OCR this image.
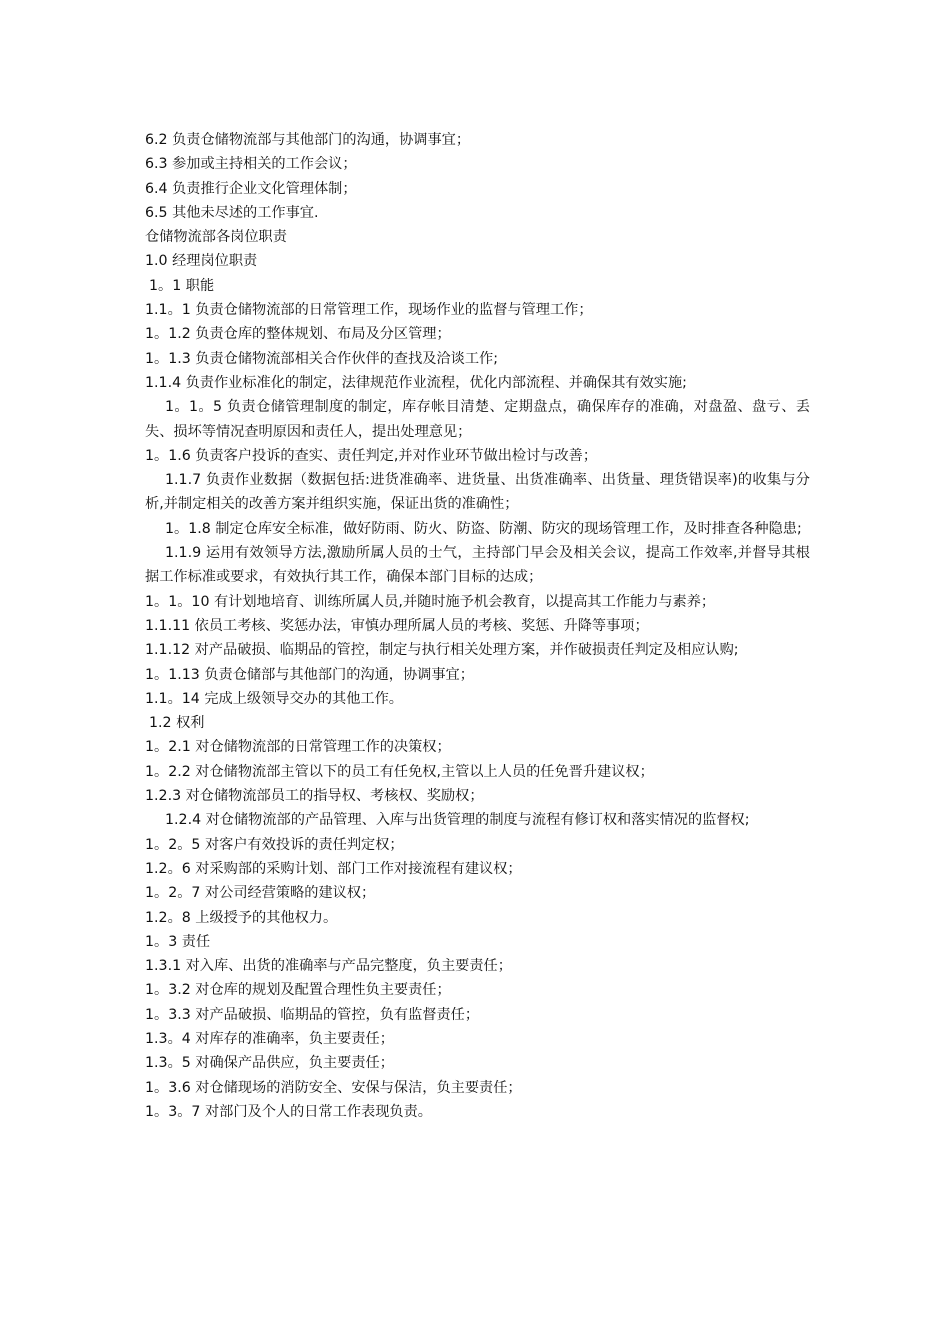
6.2 负责仓储物流部与其他部门的沟通，协调事宜；

6.3 参加或主持相关的工作会议；

6.4 负责推行企业文化管理体制；

6.5 其他未尽述的工作事宜.

仓储物流部各岗位职责

1.0 经理岗位职责

1。1 职能

1.1。1 负责仓储物流部的日常管理工作，现场作业的监督与管理工作；

1。1.2 负责仓库的整体规划、布局及分区管理；

1。1.3 负责仓储物流部相关合作伙伴的查找及洽谈工作;

1.1.4 负责作业标准化的制定，法律规范作业流程，优化内部流程、并确保其有效实施;

1。1。5 负责仓储管理制度的制定，库存帐目清楚、定期盘点，确保库存的准确，对盘盈、盘亏、丢失、损坏等情况查明原因和责任人，提出处理意见；

1。1.6 负责客户投诉的查实、责任判定,并对作业环节做出检讨与改善；

1.1.7 负责作业数据（数据包括:进货准确率、进货量、出货准确率、出货量、理货错误率)的收集与分析,并制定相关的改善方案并组织实施，保证出货的准确性；

1。1.8 制定仓库安全标准，做好防雨、防火、防盗、防潮、防灾的现场管理工作，及时排查各种隐患;

1.1.9 运用有效领导方法,激励所属人员的士气，主持部门早会及相关会议，提高工作效率,并督导其根据工作标准或要求，有效执行其工作，确保本部门目标的达成；

1。1。10 有计划地培育、训练所属人员,并随时施予机会教育，以提高其工作能力与素养；

1.1.11 依员工考核、奖惩办法，审慎办理所属人员的考核、奖惩、升降等事项；

1.1.12 对产品破损、临期品的管控，制定与执行相关处理方案，并作破损责任判定及相应认购;

1。1.13 负责仓储部与其他部门的沟通，协调事宜；

1.1。14 完成上级领导交办的其他工作。

1.2 权利

1。2.1 对仓储物流部的日常管理工作的决策权；

1。2.2 对仓储物流部主管以下的员工有任免权,主管以上人员的任免晋升建议权；

1.2.3 对仓储物流部员工的指导权、考核权、奖励权；

1.2.4 对仓储物流部的产品管理、入库与出货管理的制度与流程有修订权和落实情况的监督权;

1。2。5 对客户有效投诉的责任判定权；

1.2。6 对采购部的采购计划、部门工作对接流程有建议权；

1。2。7 对公司经营策略的建议权；

1.2。8 上级授予的其他权力。

1。3 责任

1.3.1 对入库、出货的准确率与产品完整度，负主要责任；

1。3.2 对仓库的规划及配置合理性负主要责任；

1。3.3 对产品破损、临期品的管控，负有监督责任；

1.3。4 对库存的准确率，负主要责任；

1.3。5 对确保产品供应，负主要责任；

1。3.6 对仓储现场的消防安全、安保与保洁，负主要责任；

1。3。7 对部门及个人的日常工作表现负责。
